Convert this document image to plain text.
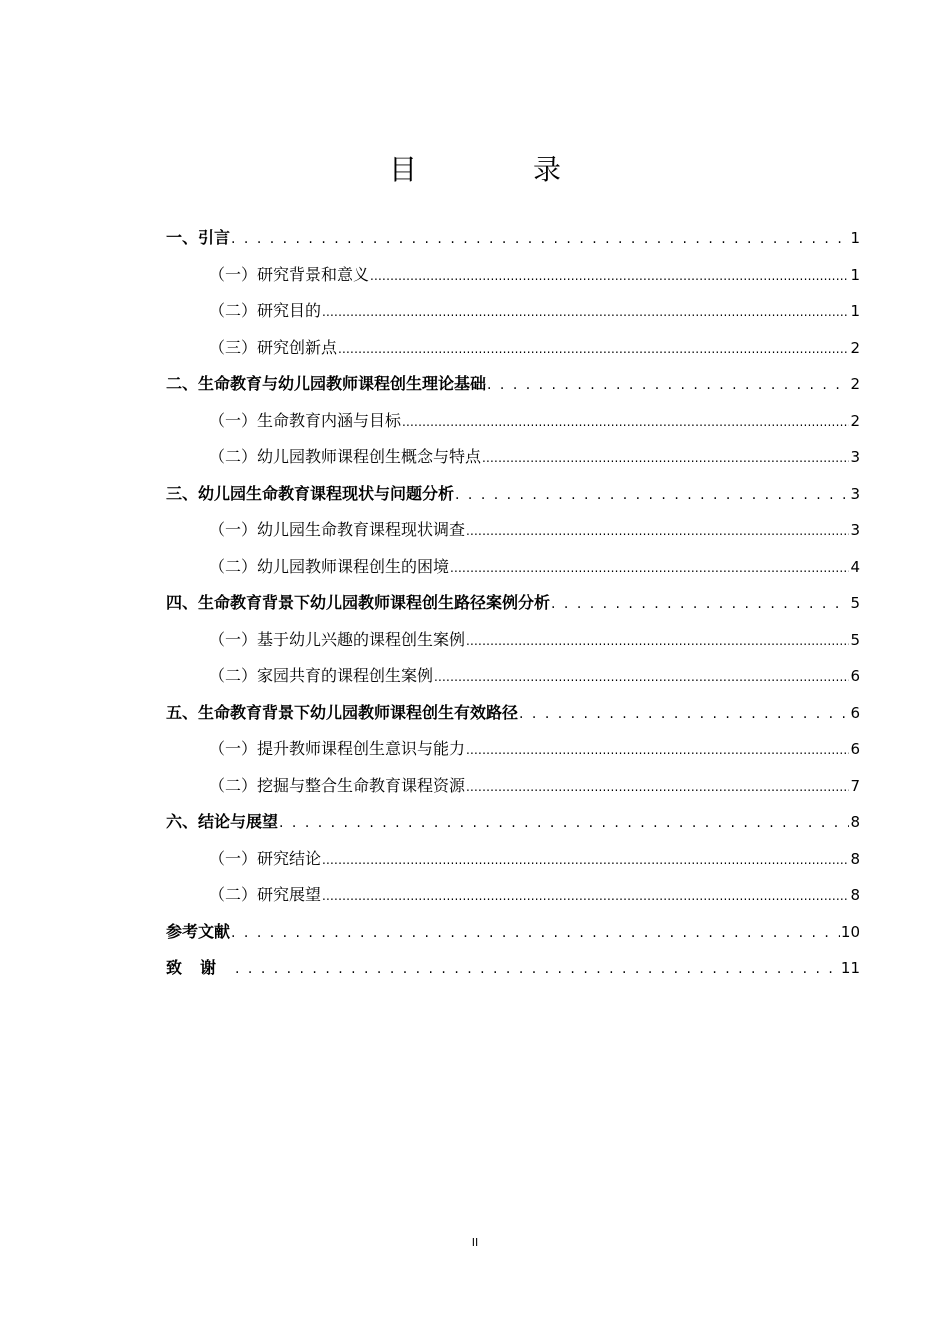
目　录
一、引言 . . .	1
（一）研究背景和意义 .....	1
（二）研究目的 .....	1
（三）研究创新点 .....	2
二、生命教育与幼儿园教师课程创生理论基础 . . .	2
（一）生命教育内涵与目标 .....	2
（二）幼儿园教师课程创生概念与特点 .....	3
三、幼儿园生命教育课程现状与问题分析 . . .	3
（一）幼儿园生命教育课程现状调查 .....	3
（二）幼儿园教师课程创生的困境 .....	4
四、生命教育背景下幼儿园教师课程创生路径案例分析 . . .	5
（一）基于幼儿兴趣的课程创生案例 .....	5
（二）家园共育的课程创生案例 .....	6
五、生命教育背景下幼儿园教师课程创生有效路径 . . .	6
（一）提升教师课程创生意识与能力 .....	6
（二）挖掘与整合生命教育课程资源 .....	7
六、结论与展望 . . .	8
（一）研究结论 .....	8
（二）研究展望 .....	8
参考文献 . . .	10
致谢 . . .	11
II
